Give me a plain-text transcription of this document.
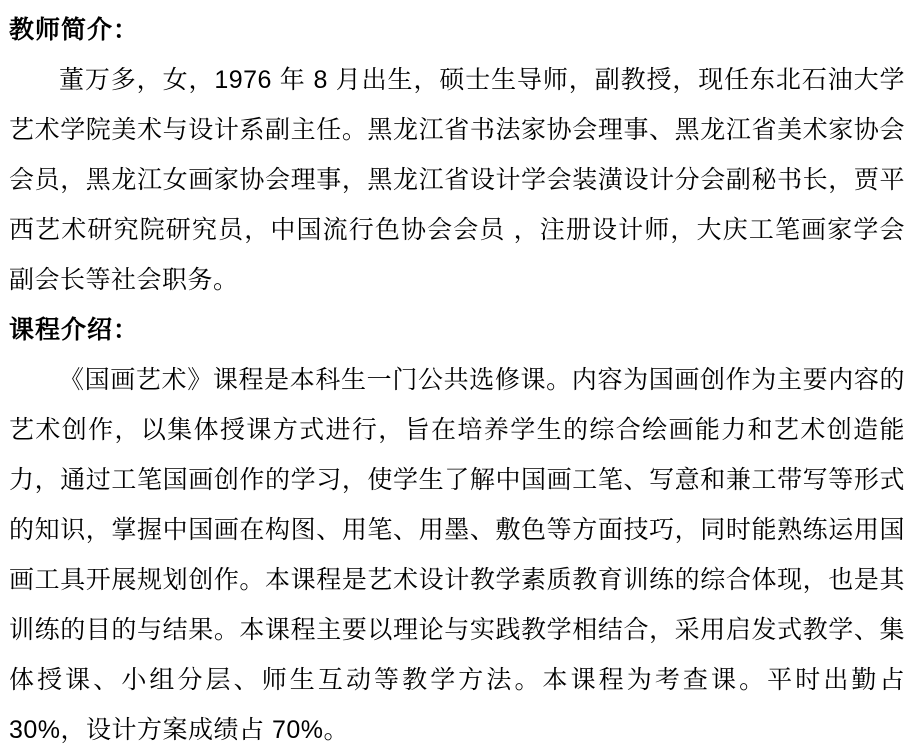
教师简介：

董万多，女，1976 年 8 月出生，硕士生导师，副教授，现任东北石油大学艺术学院美术与设计系副主任。黑龙江省书法家协会理事、黑龙江省美术家协会会员，黑龙江女画家协会理事，黑龙江省设计学会装潢设计分会副秘书长，贾平西艺术研究院研究员，中国流行色协会会员 ，注册设计师，大庆工笔画家学会副会长等社会职务。

课程介绍：

《国画艺术》课程是本科生一门公共选修课。内容为国画创作为主要内容的艺术创作，以集体授课方式进行，旨在培养学生的综合绘画能力和艺术创造能力，通过工笔国画创作的学习，使学生了解中国画工笔、写意和兼工带写等形式的知识，掌握中国画在构图、用笔、用墨、敷色等方面技巧，同时能熟练运用国画工具开展规划创作。本课程是艺术设计教学素质教育训练的综合体现，也是其训练的目的与结果。本课程主要以理论与实践教学相结合，采用启发式教学、集体授课、小组分层、师生互动等教学方法。本课程为考查课。平时出勤占 30%，设计方案成绩占 70%。
